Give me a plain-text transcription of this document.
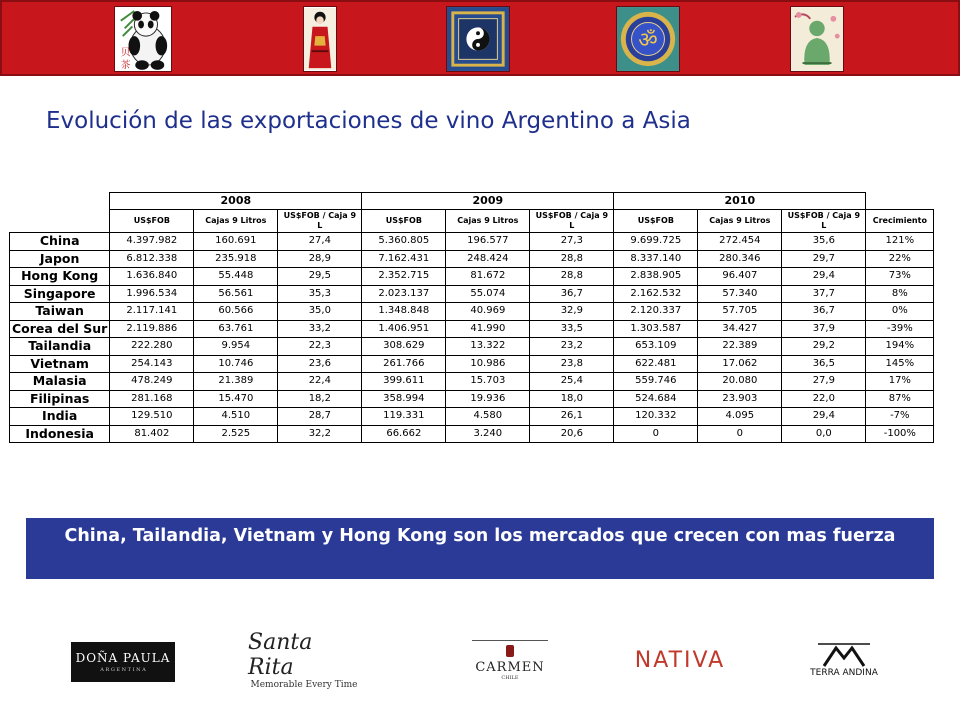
贝
茶
ॐ
Evolución de las exportaciones de vino Argentino a Asia
	2008			2009			2010			
	US$FOB	Cajas 9 Litros	US$FOB / Caja 9 L	US$FOB	Cajas 9 Litros	US$FOB / Caja 9 L	US$FOB	Cajas 9 Litros	US$FOB / Caja 9 L	Crecimiento
China	4.397.982	160.691	27,4	5.360.805	196.577	27,3	9.699.725	272.454	35,6	121%
Japon	6.812.338	235.918	28,9	7.162.431	248.424	28,8	8.337.140	280.346	29,7	22%
Hong Kong	1.636.840	55.448	29,5	2.352.715	81.672	28,8	2.838.905	96.407	29,4	73%
Singapore	1.996.534	56.561	35,3	2.023.137	55.074	36,7	2.162.532	57.340	37,7	8%
Taiwan	2.117.141	60.566	35,0	1.348.848	40.969	32,9	2.120.337	57.705	36,7	0%
Corea del Sur	2.119.886	63.761	33,2	1.406.951	41.990	33,5	1.303.587	34.427	37,9	-39%
Tailandia	222.280	9.954	22,3	308.629	13.322	23,2	653.109	22.389	29,2	194%
Vietnam	254.143	10.746	23,6	261.766	10.986	23,8	622.481	17.062	36,5	145%
Malasia	478.249	21.389	22,4	399.611	15.703	25,4	559.746	20.080	27,9	17%
Filipinas	281.168	15.470	18,2	358.994	19.936	18,0	524.684	23.903	22,0	87%
India	129.510	4.510	28,7	119.331	4.580	26,1	120.332	4.095	29,4	-7%
Indonesia	81.402	2.525	32,2	66.662	3.240	20,6	0	0	0,0	-100%
China, Tailandia, Vietnam y Hong Kong son los mercados que crecen con mas fuerza
DOÑA PAULA
A R G E N T I N A
Santa Rita
Memorable Every Time
CARMEN
CHILE
NATIVA
TERRA ANDINA
